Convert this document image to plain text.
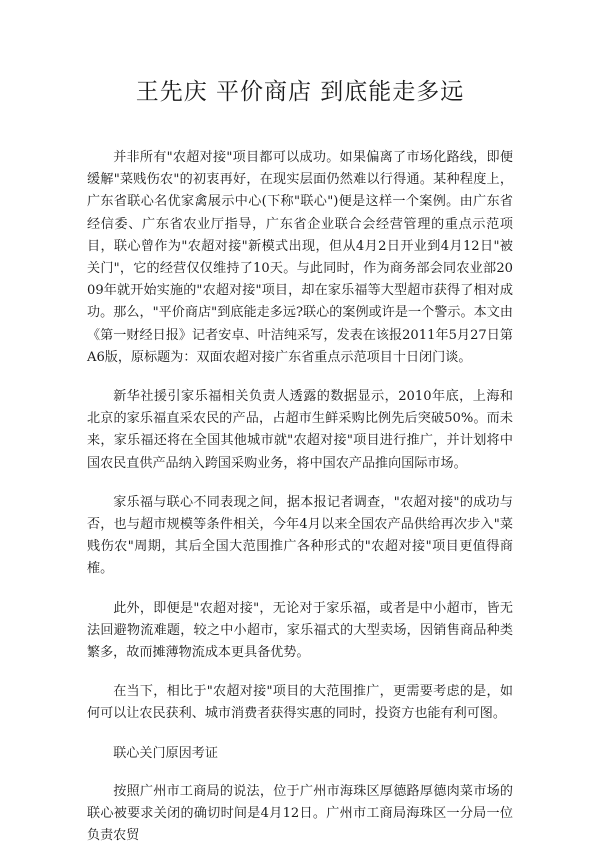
王先庆 平价商店 到底能走多远

并非所有"农超对接"项目都可以成功。如果偏离了市场化路线，即便缓解"菜贱伤农"的初衷再好，在现实层面仍然难以行得通。某种程度上，广东省联心名优家禽展示中心(下称"联心")便是这样一个案例。由广东省经信委、广东省农业厅指导，广东省企业联合会经营管理的重点示范项目，联心曾作为"农超对接"新模式出现，但从4月2日开业到4月12日"被关门"，它的经营仅仅维持了10天。与此同时，作为商务部会同农业部2009年就开始实施的"农超对接"项目，却在家乐福等大型超市获得了相对成功。那么，"平价商店"到底能走多远?联心的案例或许是一个警示。本文由《第一财经日报》记者安卓、叶洁纯采写，发表在该报2011年5月27日第A6版，原标题为：双面农超对接广东省重点示范项目十日闭门谈。

新华社援引家乐福相关负责人透露的数据显示，2010年底，上海和北京的家乐福直采农民的产品，占超市生鲜采购比例先后突破50%。而未来，家乐福还将在全国其他城市就"农超对接"项目进行推广，并计划将中国农民直供产品纳入跨国采购业务，将中国农产品推向国际市场。

家乐福与联心不同表现之间，据本报记者调查，"农超对接"的成功与否，也与超市规模等条件相关，今年4月以来全国农产品供给再次步入"菜贱伤农"周期，其后全国大范围推广各种形式的"农超对接"项目更值得商榷。

此外，即便是"农超对接"，无论对于家乐福，或者是中小超市，皆无法回避物流难题，较之中小超市，家乐福式的大型卖场，因销售商品种类繁多，故而摊薄物流成本更具备优势。

在当下，相比于"农超对接"项目的大范围推广，更需要考虑的是，如何可以让农民获利、城市消费者获得实惠的同时，投资方也能有利可图。

联心关门原因考证

按照广州市工商局的说法，位于广州市海珠区厚德路厚德肉菜市场的联心被要求关闭的确切时间是4月12日。广州市工商局海珠区一分局一位负责农贸
